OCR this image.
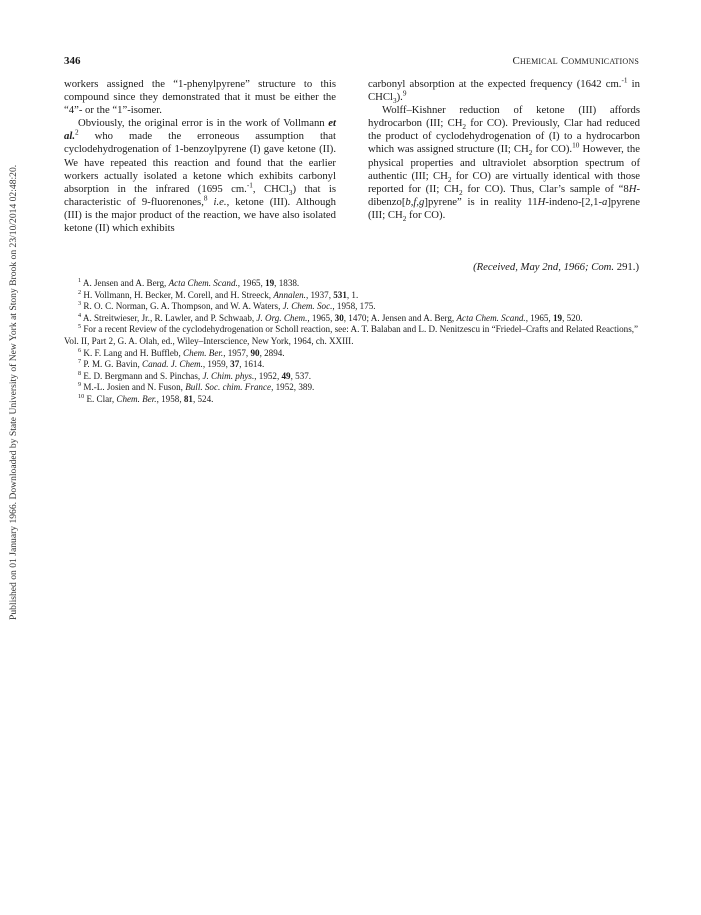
Published on 01 January 1966. Downloaded by State University of New York at Stony Brook on 23/10/2014 02:48:20.
346	Chemical Communications

workers assigned the “1-phenylpyrene” structure to this compound since they demonstrated that it must be either the “4”- or the “1”-isomer.

Obviously, the original error is in the work of Vollmann et al.$^2$ who made the erroneous assumption that cyclodehydrogenation of 1-benzoylpyrene (I) gave ketone (II). We have repeated this reaction and found that the earlier workers actually isolated a ketone which exhibits carbonyl absorption in the infrared (1695 cm.$^{-1}$, CHCl$_3$) that is characteristic of 9-fluorenones,$^8$ i.e., ketone (III). Although (III) is the major product of the reaction, we have also isolated ketone (II) which exhibits

carbonyl absorption at the expected frequency (1642 cm.$^{-1}$ in CHCl$_3$).$^9$

Wolff–Kishner reduction of ketone (III) affords hydrocarbon (III; $CH_2$ for CO). Previously, Clar had reduced the product of cyclodehydrogenation of (I) to a hydrocarbon which was assigned structure (II; $CH_2$ for CO).$^{10}$ However, the physical properties and ultraviolet absorption spectrum of authentic (III; $CH_2$ for CO) are virtually identical with those reported for (II; $CH_2$ for CO). Thus, Clar’s sample of “8H-dibenzo[b,f,g]pyrene” is in reality 11H-indeno-[2,1-a]pyrene (III; $CH_2$ for CO).

(Received, May 2nd, 1966; Com. 291.)

$^1$ A. Jensen and A. Berg, Acta Chem. Scand., 1965, 19, 1838.

$^2$ H. Vollmann, H. Becker, M. Corell, and H. Streeck, Annalen., 1937, 531, 1.

$^3$ R. O. C. Norman, G. A. Thompson, and W. A. Waters, J. Chem. Soc., 1958, 175.

$^4$ A. Streitwieser, Jr., R. Lawler, and P. Schwaab, J. Org. Chem., 1965, 30, 1470; A. Jensen and A. Berg, Acta Chem. Scand., 1965, 19, 520.

$^5$ For a recent Review of the cyclodehydrogenation or Scholl reaction, see: A. T. Balaban and L. D. Nenitzescu in “Friedel–Crafts and Related Reactions,” Vol. II, Part 2, G. A. Olah, ed., Wiley–Interscience, New York, 1964, ch. XXIII.

$^6$ K. F. Lang and H. Buffleb, Chem. Ber., 1957, 90, 2894.

$^7$ P. M. G. Bavin, Canad. J. Chem., 1959, 37, 1614.

$^8$ E. D. Bergmann and S. Pinchas, J. Chim. phys., 1952, 49, 537.

$^9$ M.-L. Josien and N. Fuson, Bull. Soc. chim. France, 1952, 389.

$^{10}$ E. Clar, Chem. Ber., 1958, 81, 524.
